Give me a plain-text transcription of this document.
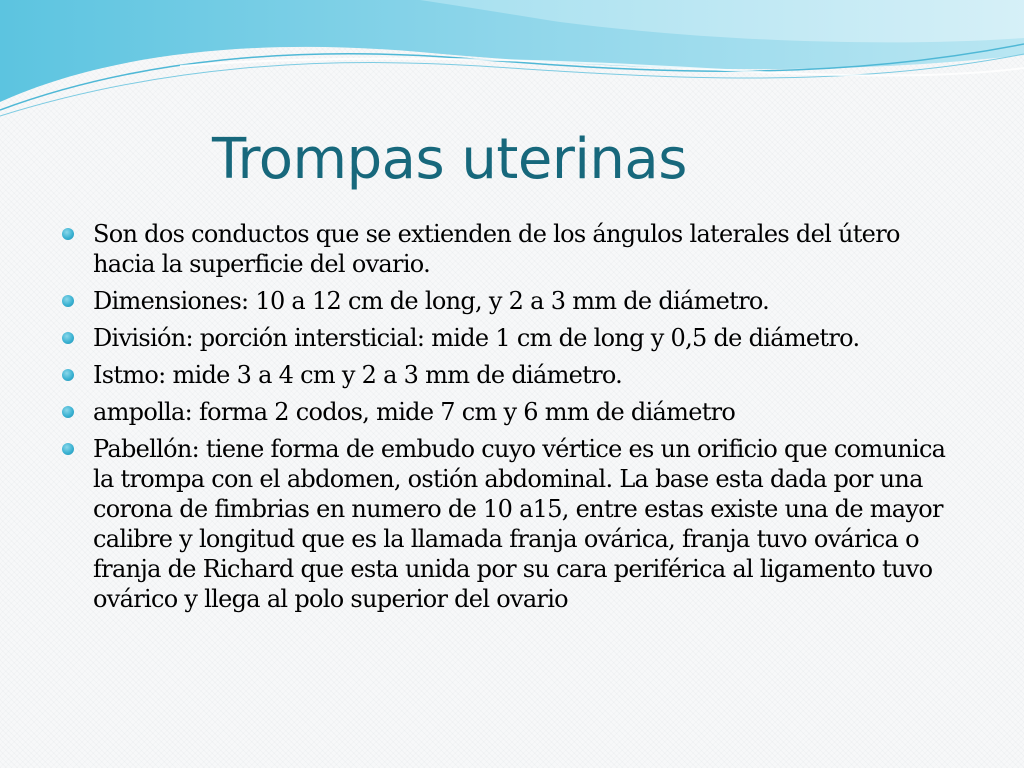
Trompas uterinas
Son dos conductos que se extienden de los ángulos laterales del útero hacia la superficie del ovario.
Dimensiones: 10 a 12 cm de long, y 2 a 3 mm de diámetro.
División: porción intersticial: mide 1 cm de long y 0,5 de diámetro.
Istmo: mide 3 a 4 cm y 2 a 3 mm de diámetro.
ampolla: forma 2 codos, mide 7 cm y 6 mm de diámetro
Pabellón: tiene forma de embudo cuyo vértice es un orificio que comunica la trompa con el abdomen, ostión abdominal. La base esta dada por una corona de fimbrias en numero de 10 a15, entre estas existe una de mayor calibre y longitud que es la llamada franja ovárica, franja tuvo ovárica o franja de Richard que esta unida por su cara periférica al ligamento tuvo ovárico y llega al polo superior del ovario
